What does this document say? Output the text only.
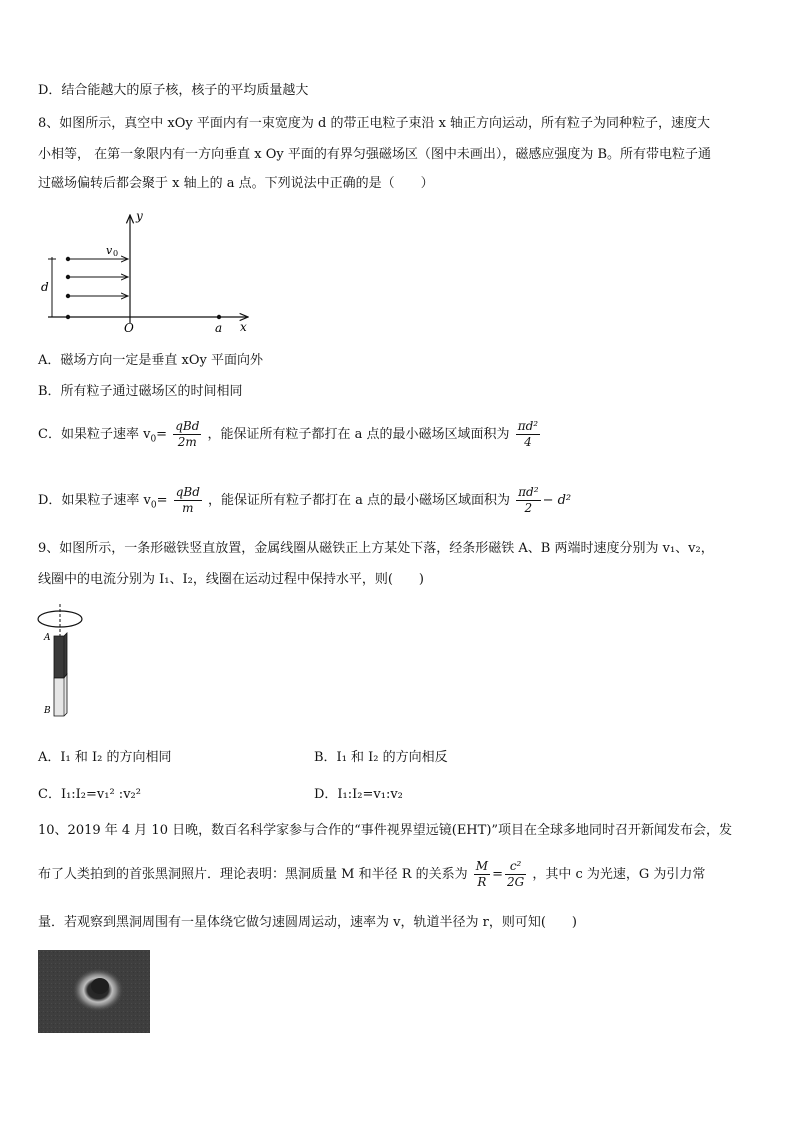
D．结合能越大的原子核，核子的平均质量越大
8、如图所示，真空中 xOy 平面内有一束宽度为 d 的带正电粒子束沿 x 轴正方向运动，所有粒子为同种粒子，速度大
小相等， 在第一象限内有一方向垂直 x Oy 平面的有界匀强磁场区（图中未画出），磁感应强度为 B。所有带电粒子通
过磁场偏转后都会聚于 x 轴上的 a 点。下列说法中正确的是（　　）
y
x
v 0
d
O	a
A．磁场方向一定是垂直 xOy 平面向外
B．所有粒子通过磁场区的时间相同
C．如果粒子速率 $v_0= \frac{\text{qBd}}{2m}$ ，能保证所有粒子都打在 a 点的最小磁场区域面积为 $\frac{\text{πd²}}{4}$
D．如果粒子速率 $v_0= \frac{\text{qBd}}{m}$ ，能保证所有粒子都打在 a 点的最小磁场区域面积为 $\frac{\text{πd²}}{2} - d^2$
9、如图所示，一条形磁铁竖直放置，金属线圈从磁铁正上方某处下落，经条形磁铁 A、B 两端时速度分别为 v₁、v₂，
线圈中的电流分别为 I₁、I₂，线圈在运动过程中保持水平，则(　　)
A
B
A．I₁ 和 I₂ 的方向相同	B．I₁ 和 I₂ 的方向相反
C．I₁:I₂=v₁² :v₂²	D．I₁:I₂=v₁:v₂
10、2019 年 4 月 10 日晚，数百名科学家参与合作的“事件视界望远镜(EHT)”项目在全球多地同时召开新闻发布会，发
布了人类拍到的首张黑洞照片．理论表明：黑洞质量 M 和半径 R 的关系为 $\frac{M}{R} = \frac{\text{c²}}{2G}$ ，其中 c 为光速，G 为引力常
量．若观察到黑洞周围有一星体绕它做匀速圆周运动，速率为 v，轨道半径为 r，则可知(　　)
